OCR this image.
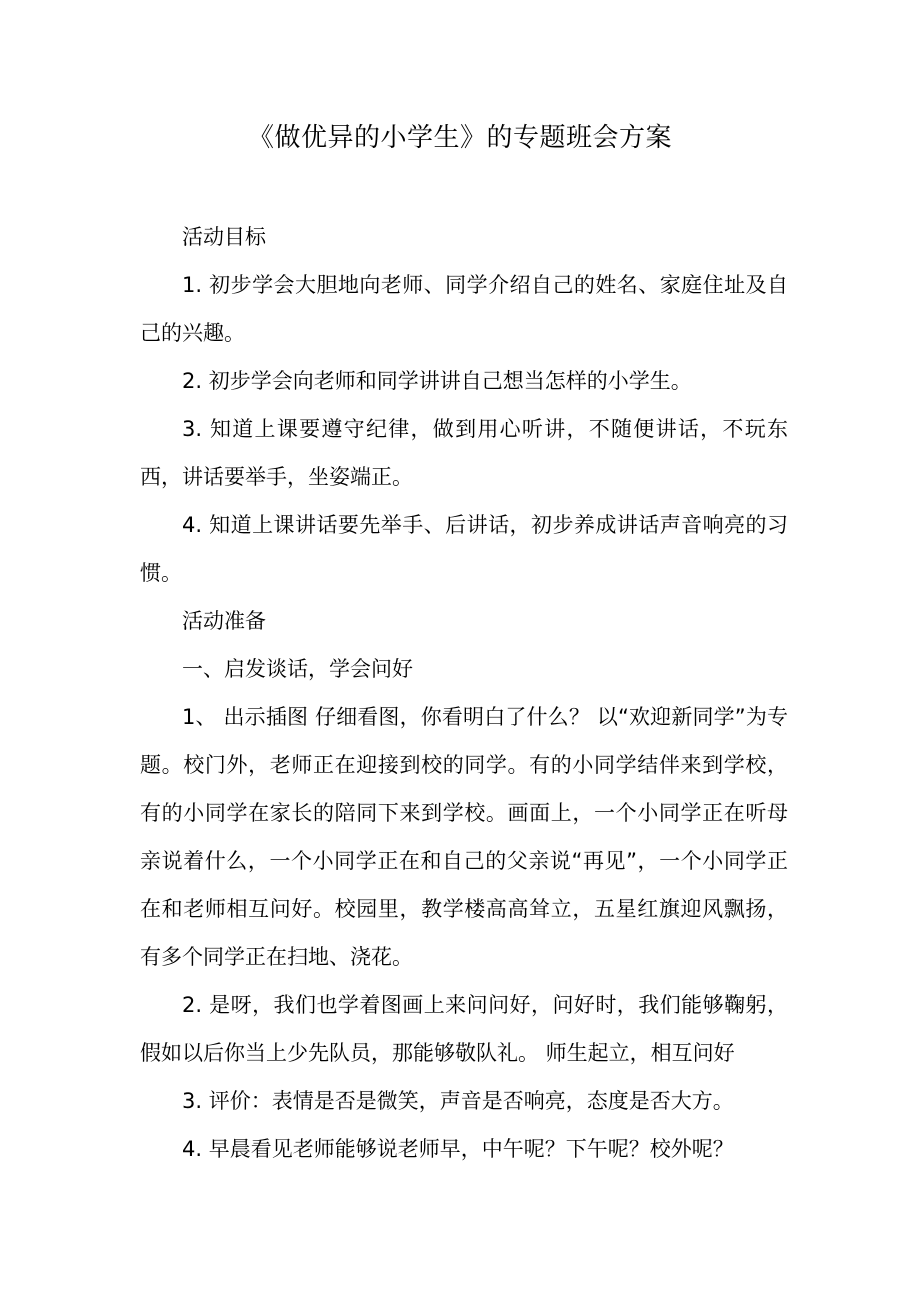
《做优异的小学生》的专题班会方案

活动目标

1. 初步学会大胆地向老师、同学介绍自己的姓名、家庭住址及自己的兴趣。

2. 初步学会向老师和同学讲讲自己想当怎样的小学生。

3. 知道上课要遵守纪律，做到用心听讲，不随便讲话，不玩东西，讲话要举手，坐姿端正。

4. 知道上课讲话要先举手、后讲话，初步养成讲话声音响亮的习惯。

活动准备

一、启发谈话，学会问好

1、 出示插图 仔细看图，你看明白了什么？ 以“欢迎新同学”为专题。校门外，老师正在迎接到校的同学。有的小同学结伴来到学校，有的小同学在家长的陪同下来到学校。画面上，一个小同学正在听母亲说着什么，一个小同学正在和自己的父亲说“再见”，一个小同学正在和老师相互问好。校园里，教学楼高高耸立，五星红旗迎风飘扬，有多个同学正在扫地、浇花。

2. 是呀，我们也学着图画上来问问好，问好时，我们能够鞠躬，假如以后你当上少先队员，那能够敬队礼。 师生起立，相互问好

3. 评价：表情是否是微笑，声音是否响亮，态度是否大方。

4. 早晨看见老师能够说老师早，中午呢？下午呢？校外呢？
